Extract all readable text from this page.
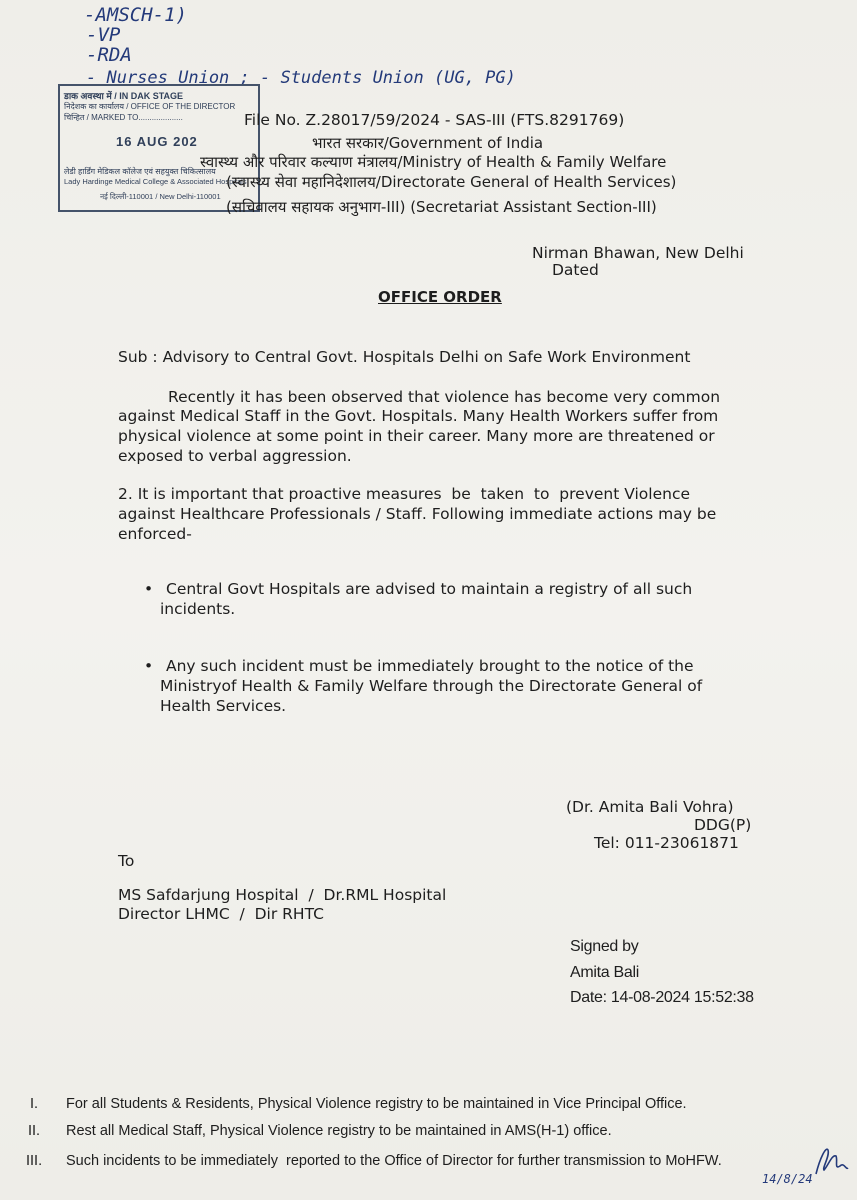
-AMSCH-1)
-VP
-RDA
- Nurses Union ; - Students Union (UG, PG)
डाक अवस्था में / IN DAK STAGE
निदेशक का कार्यालय / OFFICE OF THE DIRECTOR
चिन्हित / MARKED TO....................
16 AUG 202
लेडी हार्डिंग मेडिकल कॉलेज एवं सहयुक्त चिकित्सालय
Lady Hardinge Medical College & Associated Hospitals
नई दिल्ली-110001 / New Delhi-110001
File No. Z.28017/59/2024 - SAS-III (FTS.8291769)
भारत सरकार/Government of India
स्वास्थ्य और परिवार कल्याण मंत्रालय/Ministry of Health & Family Welfare
(स्वास्थ्य सेवा महानिदेशालय/Directorate General of Health Services)
(सचिवालय सहायक अनुभाग-III) (Secretariat Assistant Section-III)
Nirman Bhawan, New Delhi
Dated
OFFICE ORDER
Sub : Advisory to Central Govt. Hospitals Delhi on Safe Work Environment
Recently it has been observed that violence has become very common
against Medical Staff in the Govt. Hospitals. Many Health Workers suffer from
physical violence at some point in their career. Many more are threatened or
exposed to verbal aggression.
2. It is important that proactive measures  be  taken  to  prevent Violence
against Healthcare Professionals / Staff. Following immediate actions may be
enforced-
• Central Govt Hospitals are advised to maintain a registry of all such
incidents.
• Any such incident must be immediately brought to the notice of the
Ministryof Health & Family Welfare through the Directorate General of
Health Services.
(Dr. Amita Bali Vohra)
DDG(P)
Tel: 011-23061871
To
MS Safdarjung Hospital  /  Dr.RML Hospital
Director LHMC  /  Dir RHTC
Signed by
Amita Bali
Date: 14-08-2024 15:52:38
I. For all Students & Residents, Physical Violence registry to be maintained in Vice Principal Office.
II. Rest all Medical Staff, Physical Violence registry to be maintained in AMS(H-1) office.
III. Such incidents to be immediately  reported to the Office of Director for further transmission to MoHFW.
14/8/24
